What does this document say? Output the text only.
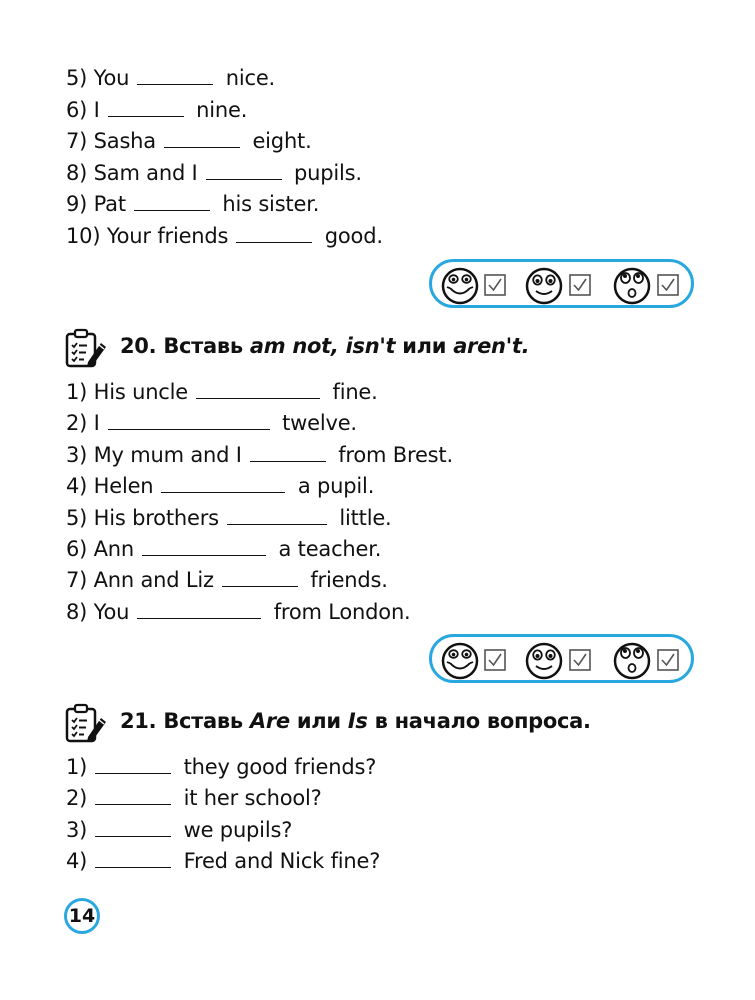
5) You	nice.
6) I	nine.
7) Sasha	eight.
8) Sam and I	pupils.
9) Pat	his sister.
10) Your friends	good.
20. Вставь am not, isn't или aren't.
1) His uncle	fine.
2) I	twelve.
3) My mum and I	from Brest.
4) Helen	a pupil.
5) His brothers	little.
6) Ann	a teacher.
7) Ann and Liz	friends.
8) You	from London.
21. Вставь Are или Is в начало вопроса.
1)	they good friends?
2)	it her school?
3)	we pupils?
4)	Fred and Nick fine?
14
